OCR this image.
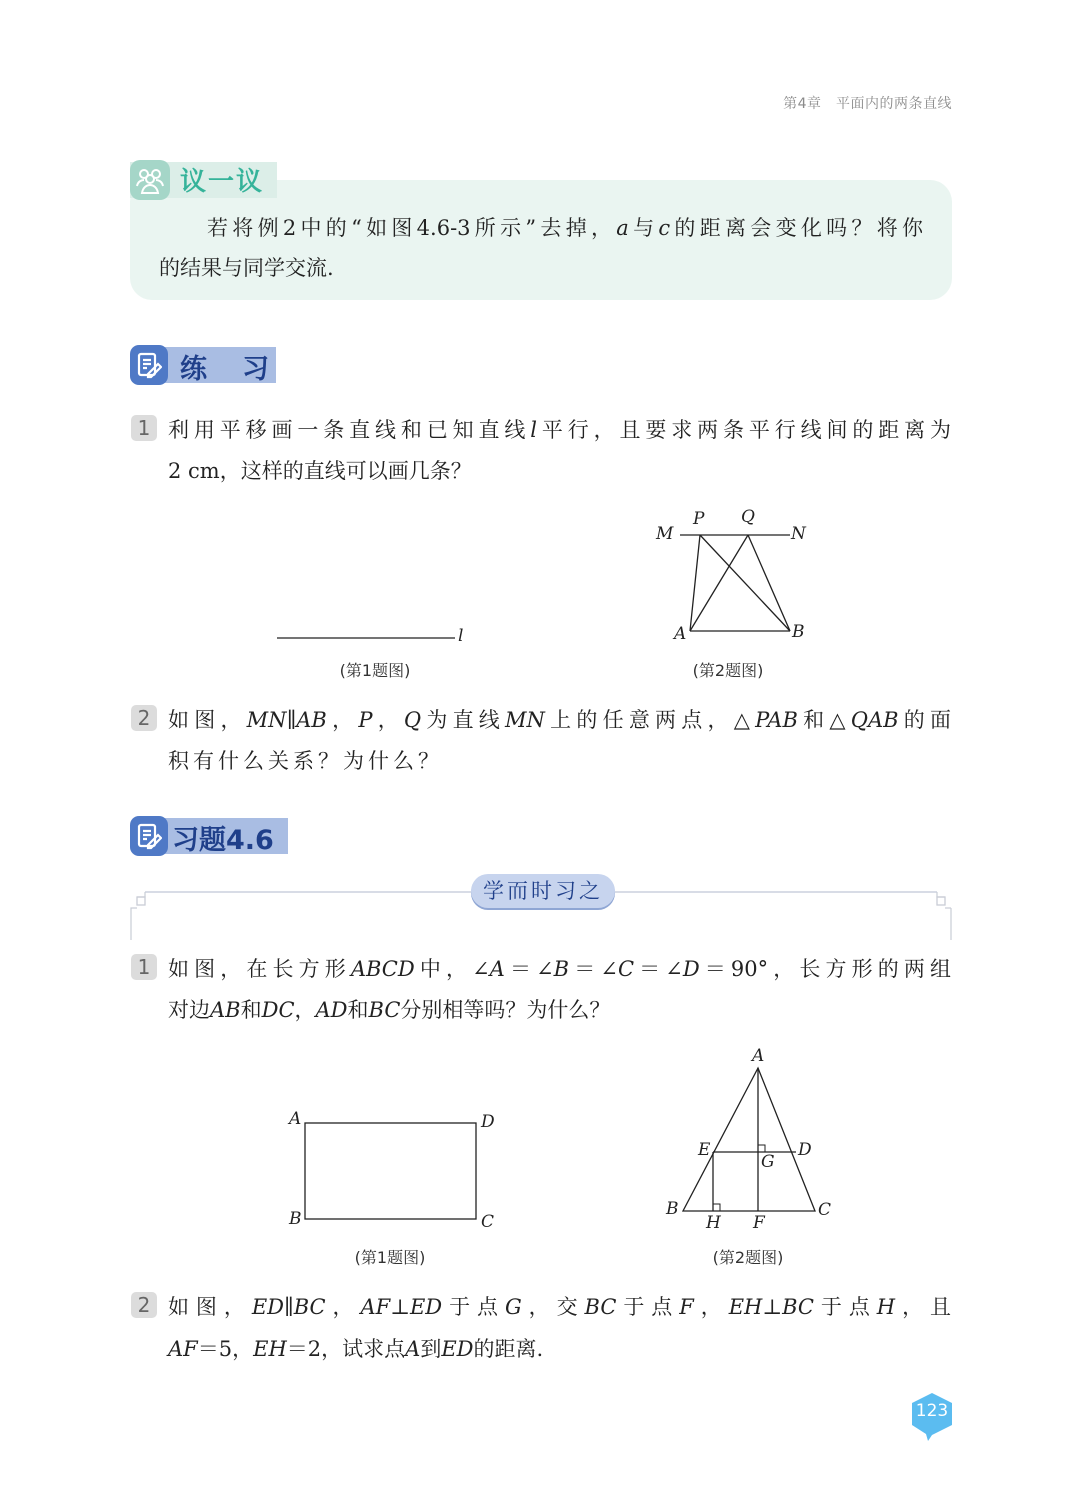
第4章　平面内的两条直线
议一议
若将例2中的“如图4.6-3所示”去掉，a与c的距离会变化吗？将你
的结果与同学交流.
练　习
1 利用平移画一条直线和已知直线l平行，且要求两条平行线间的距离为
2 cm，这样的直线可以画几条？
l
(第1题图)
M
P Q
N
A	B
(第2题图)
2 如图，MN∥AB，P，Q为直线MN上的任意两点，△PAB和△QAB的面
积有什么关系？为什么？
习题4.6
学而时习之
1 如图，在长方形ABCD中，∠A＝∠B＝∠C＝∠D＝90°，长方形的两组
对边AB和DC，AD和BC分别相等吗？为什么？
A	D
B	C
(第1题图)
A
E	D
G
B	C
H F
(第2题图)
2 如图，ED∥BC，AF⊥ED于点G，交BC于点F，EH⊥BC于点H，且
AF＝5，EH＝2，试求点A到ED的距离.
123
